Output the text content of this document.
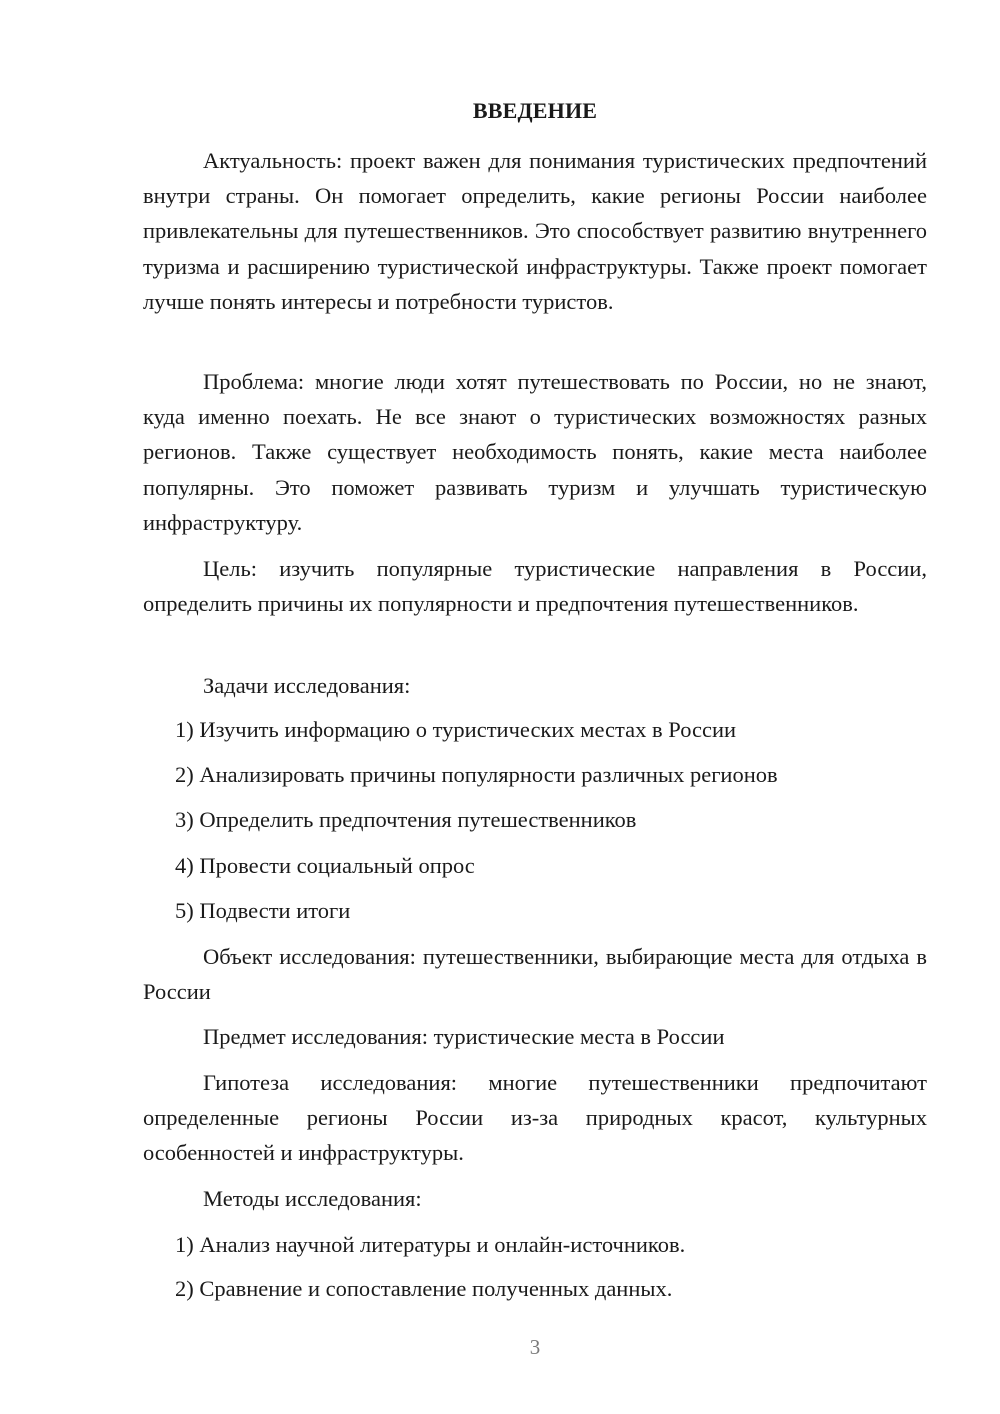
ВВЕДЕНИЕ

Актуальность: проект важен для понимания туристических предпочтений внутри страны. Он помогает определить, какие регионы России наиболее привлекательны для путешественников. Это способствует развитию внутреннего туризма и расширению туристической инфраструктуры. Также проект помогает лучше понять интересы и потребности туристов.

Проблема: многие люди хотят путешествовать по России, но не знают, куда именно поехать. Не все знают о туристических возможностях разных регионов. Также существует необходимость понять, какие места наиболее популярны. Это поможет развивать туризм и улучшать туристическую инфраструктуру.

Цель: изучить популярные туристические направления в России, определить причины их популярности и предпочтения путешественников.

Задачи исследования:

1) Изучить информацию о туристических местах в России

2) Анализировать причины популярности различных регионов

3) Определить предпочтения путешественников

4) Провести социальный опрос

5) Подвести итоги

Объект исследования: путешественники, выбирающие места для отдыха в России

Предмет исследования: туристические места в России

Гипотеза исследования: многие путешественники предпочитают определенные регионы России из-за природных красот, культурных особенностей и инфраструктуры.

Методы исследования:

1) Анализ научной литературы и онлайн-источников.

2) Сравнение и сопоставление полученных данных.

3
